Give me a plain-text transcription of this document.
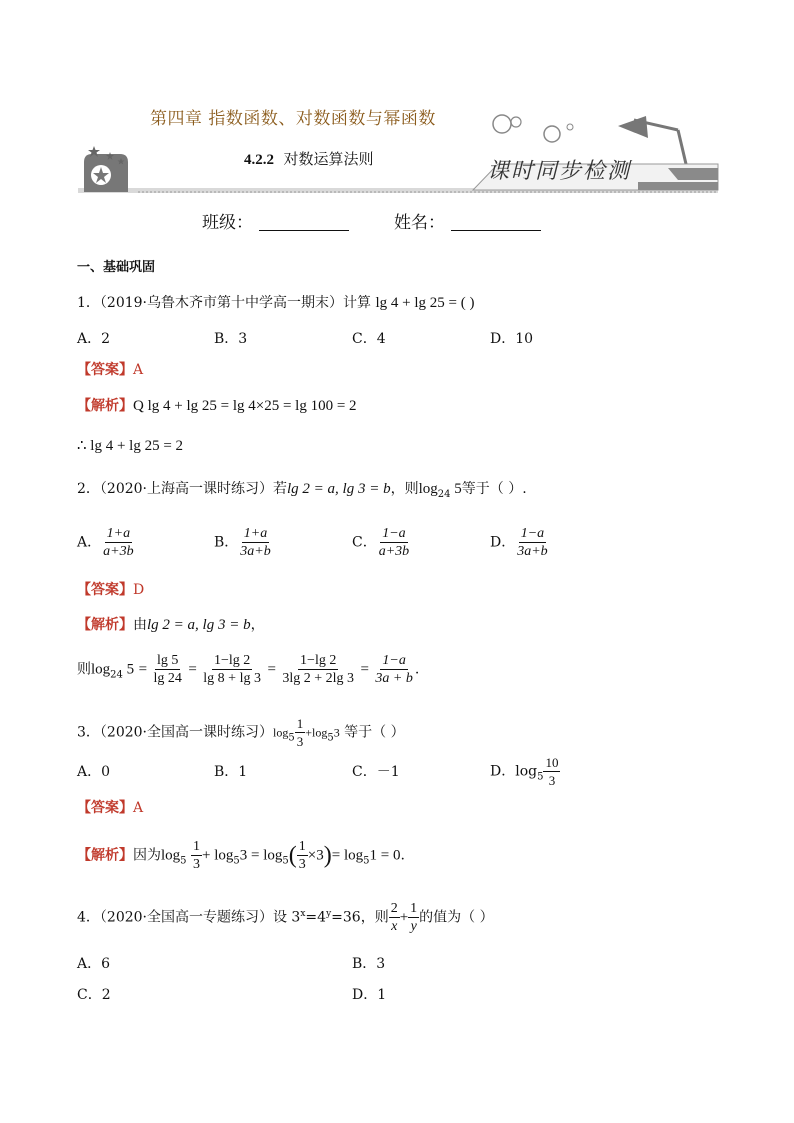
第四章 指数函数、对数函数与幂函数
4.2.2 对数运算法则	课时同步检测
班级：	姓名：
一、基础巩固
1．（2019·乌鲁木齐市第十中学高一期末）计算 lg 4 + lg 25 = ( )
A．2	B．3	C．4	D．10
【答案】A
【解析】Q lg 4 + lg 25 = lg 4×25 = lg 100 = 2
∴ lg 4 + lg 25 = 2
2．（2020·上海高一课时练习）若lg 2 = a, lg 3 = b，则$\log_{24} 5$等于（ ）.
A． $\frac{1+a}{a+3b}$	B． $\frac{1+a}{3a+b}$	C． $\frac{1-a}{a+3b}$	D． $\frac{1-a}{3a+b}$
【答案】D
【解析】由lg 2 = a, lg 3 = b，
则$\log_{24} 5 = \frac{\lg 5}{\lg 24} = \frac{1-\lg 2}{\lg 8 + \lg 3} = \frac{1-\lg 2}{3\lg 2 + 2\lg 3} = \frac{1-a}{3a + b}$ .
3．（2020·全国高一课时练习）$\log_5 \frac{1}{3} +\log_53$ 等于（ ）
A．0	B．1	C．－1	D．$\log_5 \frac{10}{3}$
【答案】A
【解析】因为$\log_5 \frac{1}{3} + \log_53 = \log_5( \frac{1}{3} \times 3)= \log_51 = 0$.
4．（2020·全国高一专题练习）设 $3^x=4^y=36$，则 $\frac{2}{x} + \frac{1}{y}$ 的值为（ ）
A．6	B．3
C．2	D．1
